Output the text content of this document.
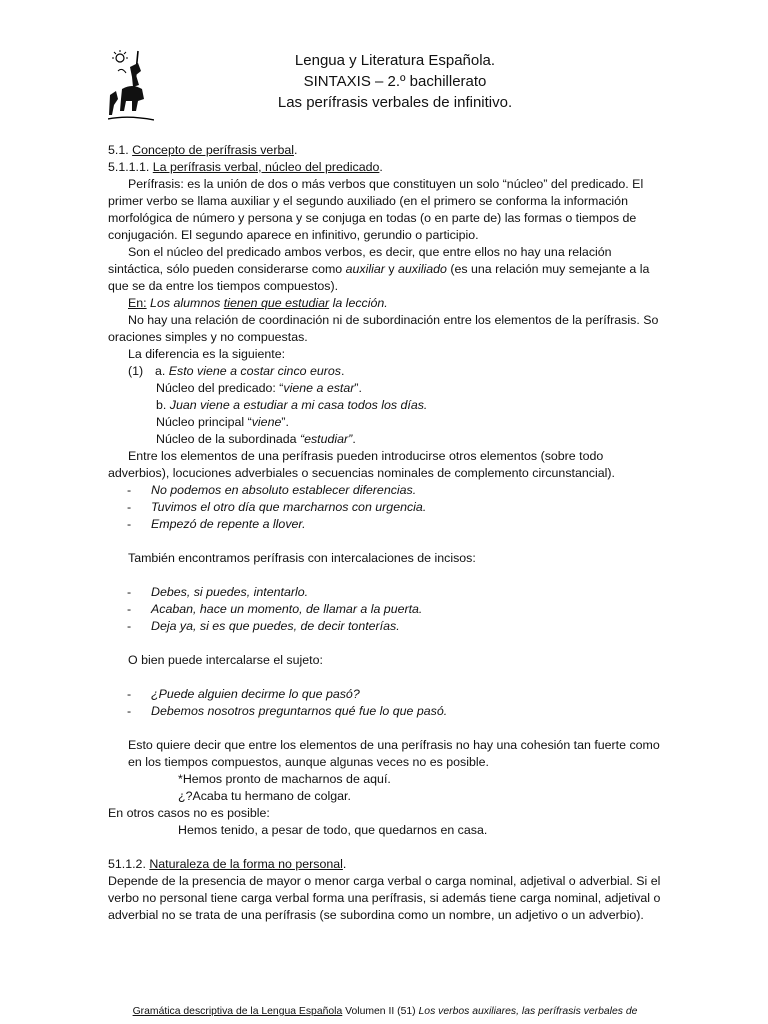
Lengua y Literatura Española.
SINTAXIS – 2.º bachillerato
Las perífrasis verbales de infinitivo.

5.1. Concepto de perífrasis verbal.

5.1.1.1. La perífrasis verbal, núcleo del predicado.

Perífrasis: es la unión de dos o más verbos que constituyen un solo “núcleo” del predicado. El primer verbo se llama auxiliar y el segundo auxiliado (en el primero se conforma la información morfológica de número y persona y se conjuga en todas (o en parte de) las formas o tiempos de conjugación. El segundo aparece en infinitivo, gerundio o participio.

Son el núcleo del predicado ambos verbos, es decir, que entre ellos no hay una relación sintáctica, sólo pueden considerarse como auxiliar y auxiliado (es una relación muy semejante a la que se da entre los tiempos compuestos).

En: Los alumnos tienen que estudiar la lección.

No hay una relación de coordinación ni de subordinación entre los elementos de la perífrasis. So oraciones simples y no compuestas.

La diferencia es la siguiente:

(1) a. Esto viene a costar cinco euros.

Núcleo del predicado: “viene a estar”.

b. Juan viene a estudiar a mi casa todos los días.

Núcleo principal “viene”.

Núcleo de la subordinada “estudiar”.

Entre los elementos de una perífrasis pueden introducirse otros elementos (sobre todo adverbios), locuciones adverbiales o secuencias nominales de complemento circunstancial).

- No podemos en absoluto establecer diferencias.
- Tuvimos el otro día que marcharnos con urgencia.
- Empezó de repente a llover.

También encontramos perífrasis con intercalaciones de incisos:

- Debes, si puedes, intentarlo.
- Acaban, hace un momento, de llamar a la puerta.
- Deja ya, si es que puedes, de decir tonterías.

O bien puede intercalarse el sujeto:

- ¿Puede alguien decirme lo que pasó?
- Debemos nosotros preguntarnos qué fue lo que pasó.

Esto quiere decir que entre los elementos de una perífrasis no hay una cohesión tan fuerte como en los tiempos compuestos, aunque algunas veces no es posible.

*Hemos pronto de macharnos de aquí.

¿?Acaba tu hermano de colgar.

En otros casos no es posible:

Hemos tenido, a pesar de todo, que quedarnos en casa.

51.1.2. Naturaleza de la forma no personal.

Depende de la presencia de mayor o menor carga verbal o carga nominal, adjetival o adverbial. Si el verbo no personal tiene carga verbal forma una perífrasis, si además tiene carga nominal, adjetival o adverbial no se trata de una perífrasis (se subordina como un nombre, un adjetivo o un adverbio).

Gramática descriptiva de la Lengua Española Volumen II (51) Los verbos auxiliares, las perífrasis verbales de
